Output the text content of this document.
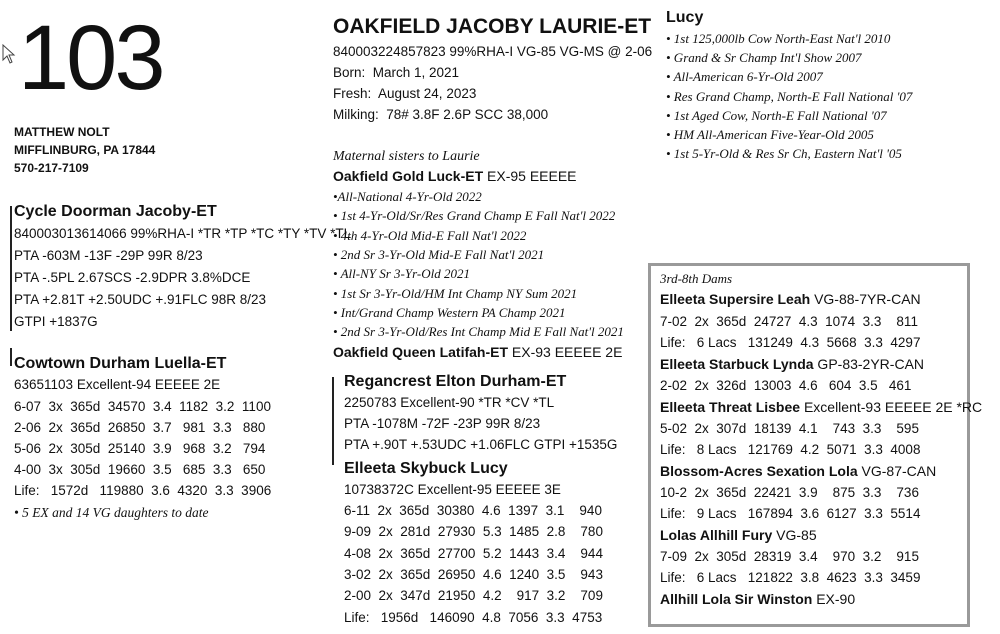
103
MATTHEW NOLT
MIFFLINBURG, PA 17844
570-217-7109
Cycle Doorman Jacoby-ET
840003013614066 99%RHA-I *TR *TP *TC *TY *TV *TL
PTA -603M -13F -29P 99R 8/23
PTA -.5PL 2.67SCS -2.9DPR 3.8%DCE
PTA +2.81T +2.50UDC +.91FLC 98R 8/23
GTPI +1837G
Cowtown Durham Luella-ET
63651103 Excellent-94 EEEEE 2E
6-07  3x  365d  34570  3.4  1182  3.2  1100
2-06  2x  365d  26850  3.7   981  3.3   880
5-06  2x  305d  25140  3.9   968  3.2   794
4-00  3x  305d  19660  3.5   685  3.3   650
Life:   1572d   119880  3.6  4320  3.3  3906
• 5 EX and 14 VG daughters to date
OAKFIELD JACOBY LAURIE-ET
840003224857823 99%RHA-I VG-85 VG-MS @ 2-06
Born:  March 1, 2021
Fresh:  August 24, 2023
Milking:  78# 3.8F 2.6P SCC 38,000
Maternal sisters to Laurie
Oakfield Gold Luck-ET EX-95 EEEEE
•All-National 4-Yr-Old 2022
• 1st 4-Yr-Old/Sr/Res Grand Champ E Fall Nat'l 2022
• 4th 4-Yr-Old Mid-E Fall Nat'l 2022
• 2nd Sr 3-Yr-Old Mid-E Fall Nat'l 2021
• All-NY Sr 3-Yr-Old 2021
• 1st Sr 3-Yr-Old/HM Int Champ NY Sum 2021
• Int/Grand Champ Western PA Champ 2021
• 2nd Sr 3-Yr-Old/Res Int Champ Mid E Fall Nat'l 2021
Oakfield Queen Latifah-ET EX-93 EEEEE 2E
Regancrest Elton Durham-ET
2250783 Excellent-90 *TR *CV *TL
PTA -1078M -72F -23P 99R 8/23
PTA +.90T +.53UDC +1.06FLC GTPI +1535G
Elleeta Skybuck Lucy
10738372C Excellent-95 EEEEE 3E
6-11  2x  365d  30380  4.6  1397  3.1    940
9-09  2x  281d  27930  5.3  1485  2.8    780
4-08  2x  365d  27700  5.2  1443  3.4    944
3-02  2x  365d  26950  4.6  1240  3.5    943
2-00  2x  347d  21950  4.2    917  3.2    709
Life:   1956d   146090  4.8  7056  3.3  4753
Lucy
• 1st 125,000lb Cow North-East Nat'l 2010
• Grand & Sr Champ Int'l Show 2007
• All-American 6-Yr-Old 2007
• Res Grand Champ, North-E Fall National '07
• 1st Aged Cow, North-E Fall National '07
• HM All-American Five-Year-Old 2005
• 1st 5-Yr-Old & Res Sr Ch, Eastern Nat'l '05
3rd-8th Dams
Elleeta Supersire Leah VG-88-7YR-CAN
7-02  2x  365d  24727  4.3  1074  3.3    811
Life:   6 Lacs   131249  4.3  5668  3.3  4297
Elleeta Starbuck Lynda GP-83-2YR-CAN
2-02  2x  326d  13003  4.6   604  3.5   461
Elleeta Threat Lisbee Excellent-93 EEEEE 2E *RC
5-02  2x  307d  18139  4.1    743  3.3    595
Life:   8 Lacs   121769  4.2  5071  3.3  4008
Blossom-Acres Sexation Lola VG-87-CAN
10-2  2x  365d  22421  3.9    875  3.3    736
Life:   9 Lacs   167894  3.6  6127  3.3  5514
Lolas Allhill Fury VG-85
7-09  2x  305d  28319  3.4    970  3.2    915
Life:   6 Lacs   121822  3.8  4623  3.3  3459
Allhill Lola Sir Winston EX-90
